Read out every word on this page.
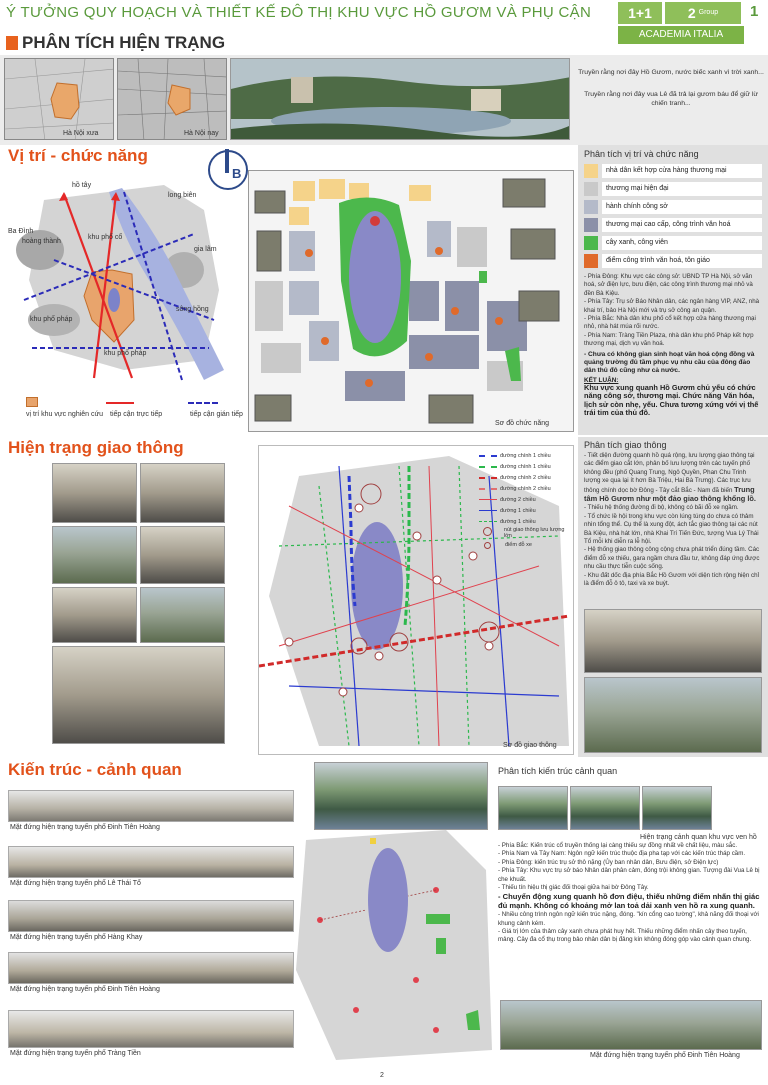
Ý TƯỞNG QUY HOẠCH VÀ THIẾT KẾ ĐÔ THỊ KHU VỰC HỒ GƯƠM VÀ PHỤ CẬN	1+1	2 Group 1
ACADEMIA ITALIA
PHÂN TÍCH HIỆN TRẠNG
Hà Nội xưa	Hà Nội nay
Truyền rằng nơi đây Hồ Gươm, nước biếc xanh vì trời xanh...
Truyền rằng nơi đây vua Lê đã trả lại gươm báu để giữ lừ chiến tranh...
Vị trí - chức năng
B
hồ tây
long biên
Ba Đình
hoàng thành
khu phố cổ
gia lâm
sông hồng
khu phố pháp
khu phố pháp
vị trí khu vực nghiên cứu tiếp cận trực tiếp	tiếp cận gián tiếp
Sơ đồ chức năng
Phân tích vị trí và chức năng
nhà dân kết hợp cửa hàng thương mại
thương mại hiện đại
hành chính công sở
thương mại cao cấp, công trình văn hoá
cây xanh, công viên
điểm công trình văn hoá, tôn giáo
- Phía Đông: Khu vực các công sở: UBND TP Hà Nội, sở văn hoá, sở điện lực, bưu điện, các công trình thương mại nhỏ và đền Bà Kiệu.
- Phía Tây: Trụ sở Báo Nhân dân, các ngân hàng VIP, ANZ, nhà khai trí, bảo Hà Nội mới và trụ sở công an quận.
- Phía Bắc: Nhà dân khu phố cổ kết hợp cửa hàng thương mại nhỏ, nhà hát múa rối nước.
- Phía Nam: Tràng Tiền Plaza, nhà dân khu phố Pháp kết hợp thương mại, dịch vụ văn hoá.
- Chưa có không gian sinh hoạt văn hoá cộng đồng và quảng trường đủ tầm phục vụ nhu cầu của đông đảo dân thủ đô cũng như cả nước.
KẾT LUẬN:
Khu vực xung quanh Hồ Gươm chủ yếu có chức năng công sở, thương mại. Chức năng Văn hóa, lịch sử còn nhẹ, yếu. Chưa tương xứng với vị thế trái tim của thủ đô.
Hiện trạng giao thông	đường chính 1 chiều
đường chính 1 chiều
đường chính 2 chiều
đường chính 2 chiều
đường 2 chiều
đường 1 chiều
đường 1 chiều
nút giao thông lưu lượng lớn
điểm đỗ xe
Sơ đồ giao thông
Phân tích giao thông
- Tiết diện đường quanh hồ quá rộng, lưu lượng giao thông tại các điểm giao cắt lớn, phân bố lưu lượng trên các tuyến phố không đều (phố Quang Trung, Ngô Quyền, Phan Chu Trinh lượng xe qua lại ít hơn Bà Triệu, Hai Bà Trưng). Các trục lưu thông chính dọc bờ Đông - Tây cắt Bắc - Nam đã biến Trung tâm Hồ Gươm như một đảo giao thông khổng lồ.
- Thiếu hệ thống đường đi bộ, không có bãi đỗ xe ngầm.
- Tổ chức lề hội trong khu vực còn lúng túng do chưa có thảm nhìn tổng thể. Cụ thể là xung đột, ách tắc giao thông tại các nút Bà Kiệu, nhà hát lớn, nhà Khai Trí Tiến Đức, tượng Vua Lý Thái Tổ mỗi khi diễn ra lễ hội.
- Hệ thống giao thông công cộng chưa phát triển đúng tầm. Các điểm đỗ xe thiếu, gara ngầm chưa đầu tư, không đáp ứng được nhu cầu thực tiễn cuộc sống.
- Khu đất dốc địa phía Bắc Hồ Gươm với diện tích rộng hiện chỉ là điểm đỗ ô tô, taxi và xe buýt.
Kiến trúc - cảnh quan	Phân tích kiến trúc cảnh quan
Hiện trạng cảnh quan khu vực ven hồ
Mặt đứng hiện trạng tuyến phố Đinh Tiên Hoàng
Mặt đứng hiện trạng tuyến phố Lê Thái Tổ
Mặt đứng hiện trạng tuyến phố Hàng Khay
Mặt đứng hiện trạng tuyến phố Đinh Tiên Hoàng
Mặt đứng hiện trạng tuyến phố Tràng Tiền
- Phía Bắc: Kiến trúc cổ truyền thống lại càng thiếu sự đồng nhất về chất liệu, màu sắc.
- Phía Nam và Tây Nam: Ngôn ngữ kiến trúc thuộc địa pha tạp với các kiến trúc tháp cầm.
- Phía Đông: kiến trúc trụ sở thô nặng (Ủy ban nhân dân, Bưu điện, sở Điện lực)
- Phía Tây: Khu vực trụ sở báo Nhân dân phân cảm, đóng trội không gian. Tượng đài Vua Lê bị che khuất.
- Thiếu tín hiệu thị giác đối thoại giữa hai bờ Đông Tây.
- Chuyển động xung quanh hồ đơn điệu, thiếu những điểm nhấn thị giác đủ mạnh. Không có khoảng mở lan toả dải xanh ven hồ ra xung quanh.
- Nhiều công trình ngôn ngữ kiến trúc nặng, đóng. "kín cổng cao tường", khả năng đối thoại với khung cảnh kém.
- Giá trị lớn của thảm cây xanh chưa phát huy hết. Thiếu những điểm nhấn cây theo tuyến, mảng. Cây đa cổ thụ trong bảo nhân dân bị đảng kín không đóng góp vào cảnh quan chung.
Mặt đứng hiện trạng tuyến phố Đinh Tiên Hoàng
2
